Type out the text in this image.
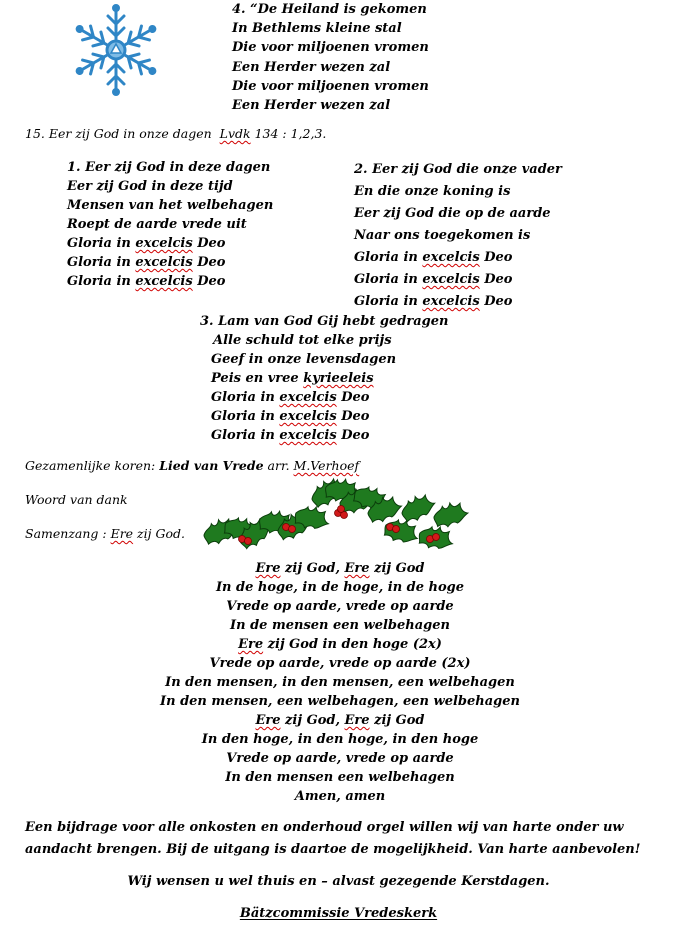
4. “De Heiland is gekomen
In Bethlems kleine stal
Die voor miljoenen vromen
Een Herder wezen zal
Die voor miljoenen vromen
Een Herder wezen zal
15. Eer zij God in onze dagen Lvdk 134 : 1,2,3.
1. Eer zij God in deze dagen
Eer zij God in deze tijd
Mensen van het welbehagen
Roept de aarde vrede uit
Gloria in excelcis Deo
Gloria in excelcis Deo
Gloria in excelcis Deo
2. Eer zij God die onze vader
En die onze koning is
Eer zij God die op de aarde
Naar ons toegekomen is
Gloria in excelcis Deo
Gloria in excelcis Deo
Gloria in excelcis Deo
3. Lam van God Gij hebt gedragen
Alle schuld tot elke prijs
Geef in onze levensdagen
Peis en vree kyrieeleis
Gloria in excelcis Deo
Gloria in excelcis Deo
Gloria in excelcis Deo
Gezamenlijke koren: Lied van Vrede arr. M.Verhoef
Woord van dank
Samenzang : Ere zij God.
Ere zij God, Ere zij God
In de hoge, in de hoge, in de hoge
Vrede op aarde, vrede op aarde
In de mensen een welbehagen
Ere zij God in den hoge (2x)
Vrede op aarde, vrede op aarde (2x)
In den mensen, in den mensen, een welbehagen
In den mensen, een welbehagen, een welbehagen
Ere zij God, Ere zij God
In den hoge, in den hoge, in den hoge
Vrede op aarde, vrede op aarde
In den mensen een welbehagen
Amen, amen
Een bijdrage voor alle onkosten en onderhoud orgel willen wij van harte onder uw
aandacht brengen. Bij de uitgang is daartoe de mogelijkheid. Van harte aanbevolen!
Wij wensen u wel thuis en – alvast gezegende Kerstdagen.
Bätzcommissie Vredeskerk
